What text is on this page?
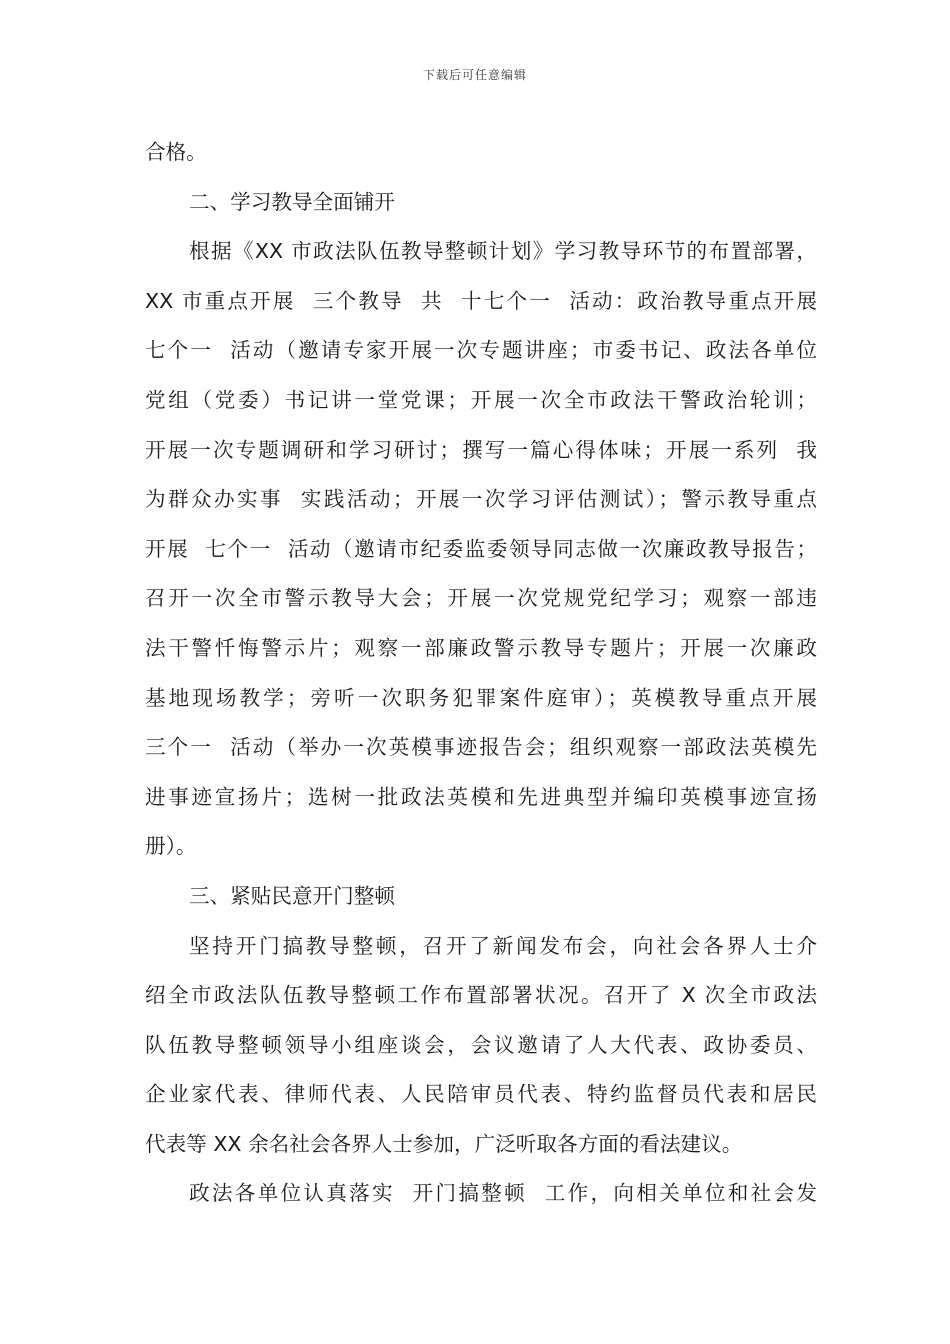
下载后可任意编辑
合格。
二、学习教导全面铺开
根据《XX 市政法队伍教导整顿计划》学习教导环节的布置部署，
XX 市重点开展  三个教导  共  十七个一  活动：政治教导重点开展
七个一  活动（邀请专家开展一次专题讲座；市委书记、政法各单位
党组（党委）书记讲一堂党课；开展一次全市政法干警政治轮训；
开展一次专题调研和学习研讨；撰写一篇心得体味；开展一系列  我
为群众办实事  实践活动；开展一次学习评估测试）；警示教导重点
开展  七个一  活动（邀请市纪委监委领导同志做一次廉政教导报告；
召开一次全市警示教导大会；开展一次党规党纪学习；观察一部违
法干警忏悔警示片；观察一部廉政警示教导专题片；开展一次廉政
基地现场教学；旁听一次职务犯罪案件庭审）；英模教导重点开展
三个一  活动（举办一次英模事迹报告会；组织观察一部政法英模先
进事迹宣扬片；选树一批政法英模和先进典型并编印英模事迹宣扬
册）。
三、紧贴民意开门整顿
坚持开门搞教导整顿，召开了新闻发布会，向社会各界人士介
绍全市政法队伍教导整顿工作布置部署状况。召开了 X 次全市政法
队伍教导整顿领导小组座谈会，会议邀请了人大代表、政协委员、
企业家代表、律师代表、人民陪审员代表、特约监督员代表和居民
代表等 XX 余名社会各界人士参加，广泛听取各方面的看法建议。
政法各单位认真落实  开门搞整顿  工作，向相关单位和社会发
